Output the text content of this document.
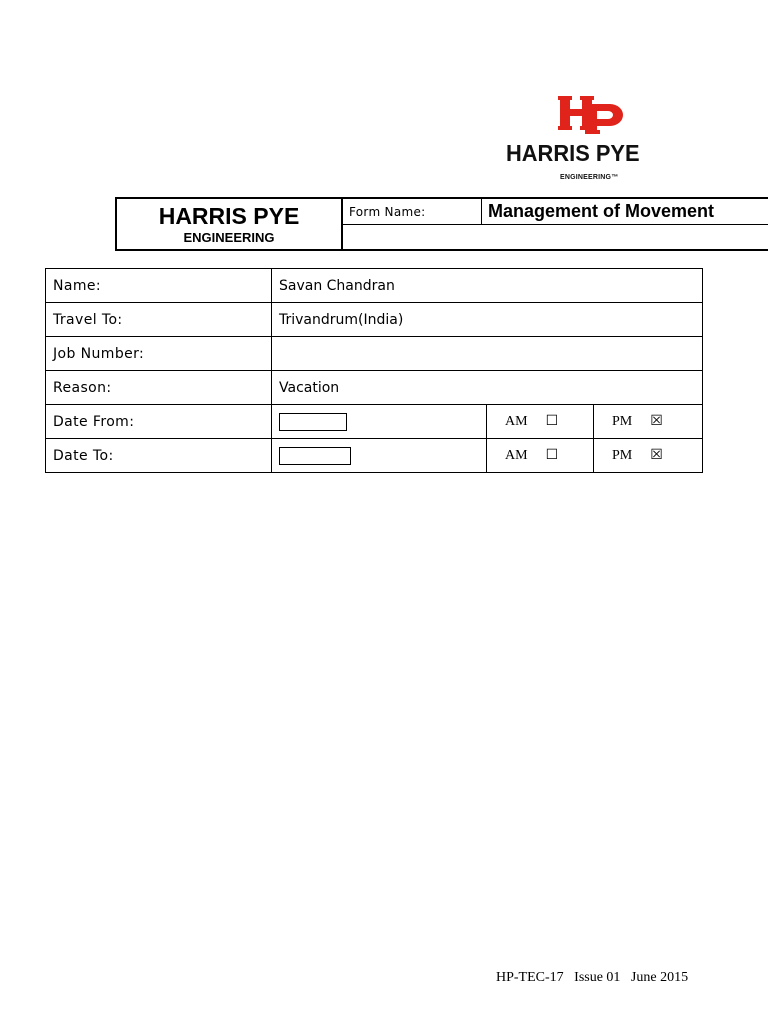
HARRIS PYE
ENGINEERING™
HARRIS PYE
ENGINEERING
Form Name:	Management of Movement
Name:	Savan Chandran		
Travel To:	Trivandrum(India)		
Job Number:			
Reason:	Vacation		
Date From:		AM ☐	PM ☒
Date To:		AM ☐	PM ☒
HP-TEC-17   Issue 01   June 2015
